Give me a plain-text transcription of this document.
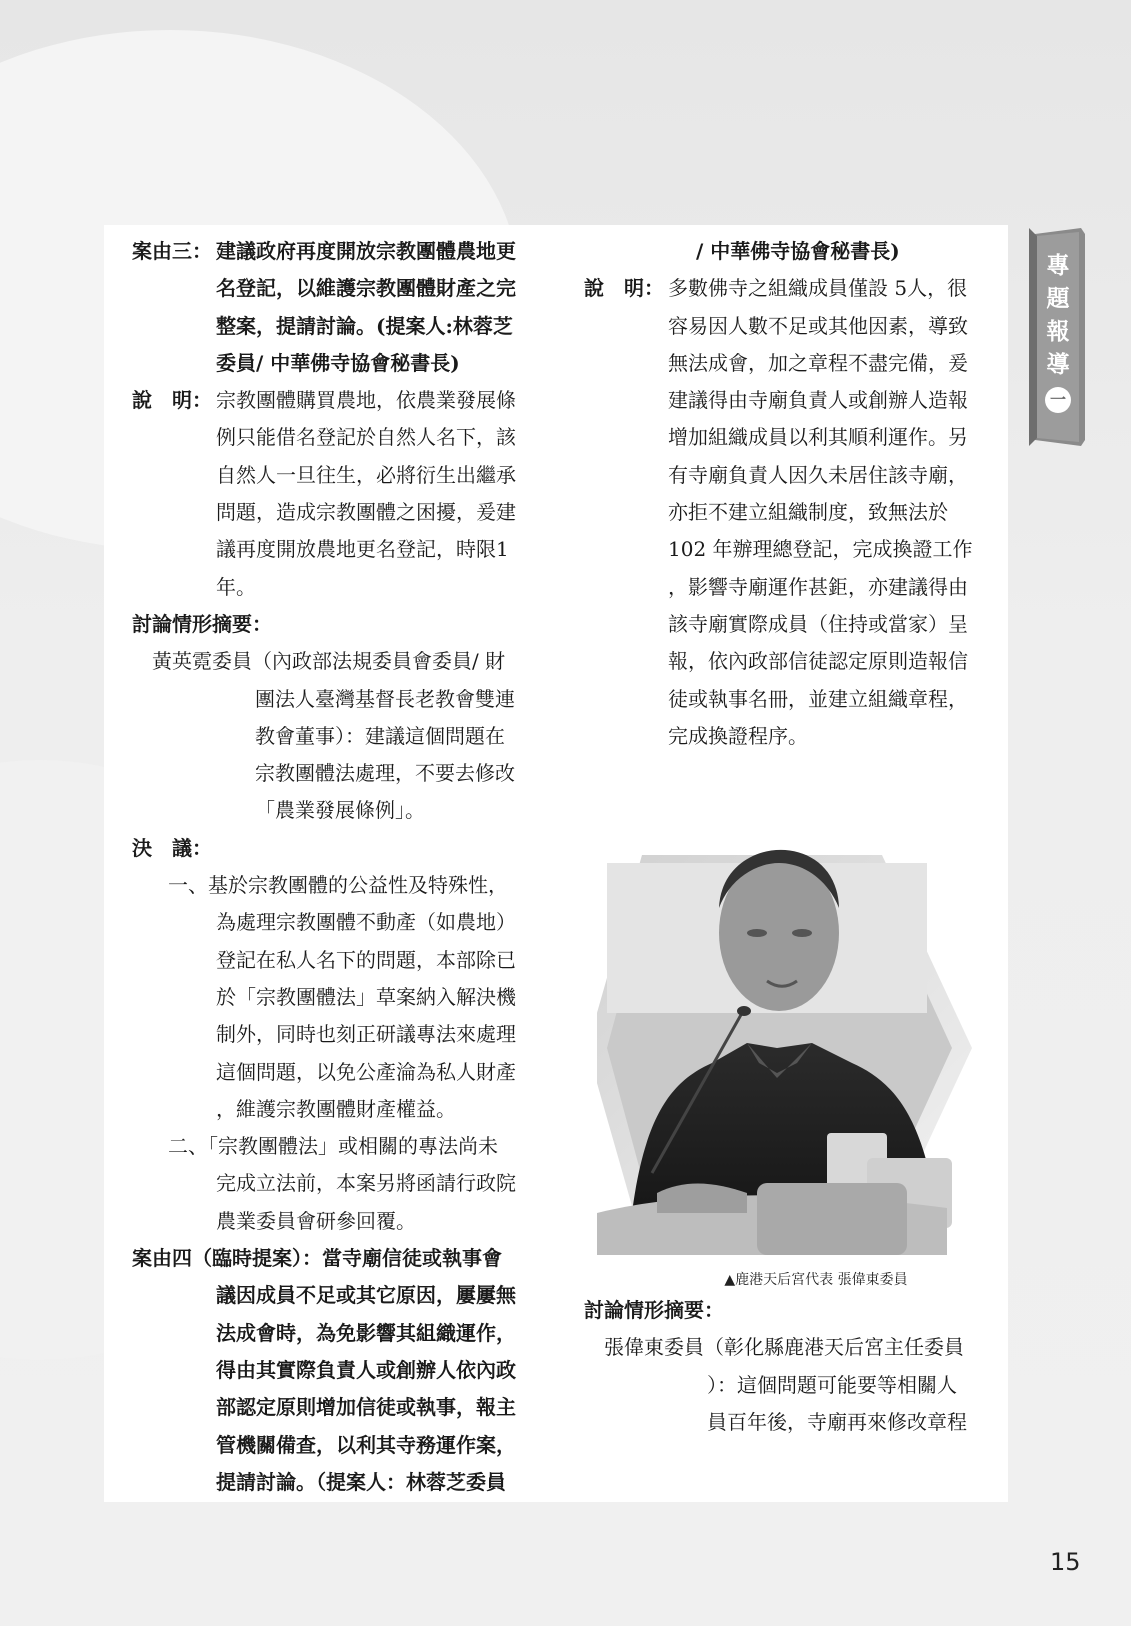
案由三： 建議政府再度開放宗教團體農地更
名登記，以維護宗教團體財產之完
整案，提請討論。(提案人:林蓉芝
委員/ 中華佛寺協會秘書長)
說　明： 宗教團體購買農地，依農業發展條
例只能借名登記於自然人名下，該
自然人一旦往生，必將衍生出繼承
問題，造成宗教團體之困擾，爰建
議再度開放農地更名登記，時限1
年。
討論情形摘要：
黃英霓委員（內政部法規委員會委員/ 財
團法人臺灣基督長老教會雙連
教會董事）：建議這個問題在
宗教團體法處理，不要去修改
「農業發展條例」。
決　議：
一、基於宗教團體的公益性及特殊性，
為處理宗教團體不動產（如農地）
登記在私人名下的問題，本部除已
於「宗教團體法」草案納入解決機
制外，同時也刻正研議專法來處理
這個問題，以免公產淪為私人財產
，維護宗教團體財產權益。
二、「宗教團體法」或相關的專法尚未
完成立法前，本案另將函請行政院
農業委員會研參回覆。
案由四（臨時提案）：當寺廟信徒或執事會
議因成員不足或其它原因，屢屢無
法成會時，為免影響其組織運作，
得由其實際負責人或創辦人依內政
部認定原則增加信徒或執事，報主
管機關備查，以利其寺務運作案，
提請討論。（提案人：林蓉芝委員
/ 中華佛寺協會秘書長)
說　明： 多數佛寺之組織成員僅設 5人，很
容易因人數不足或其他因素，導致
無法成會，加之章程不盡完備，爰
建議得由寺廟負責人或創辦人造報
增加組織成員以利其順利運作。另
有寺廟負責人因久未居住該寺廟，
亦拒不建立組織制度，致無法於
102 年辦理總登記，完成換證工作
，影響寺廟運作甚鉅，亦建議得由
該寺廟實際成員（住持或當家）呈
報，依內政部信徒認定原則造報信
徒或執事名冊，並建立組織章程，
完成換證程序。
▲鹿港天后宮代表 張偉東委員
討論情形摘要：
張偉東委員（彰化縣鹿港天后宮主任委員
）：這個問題可能要等相關人
員百年後，寺廟再來修改章程
專
題
報
導
一
15
